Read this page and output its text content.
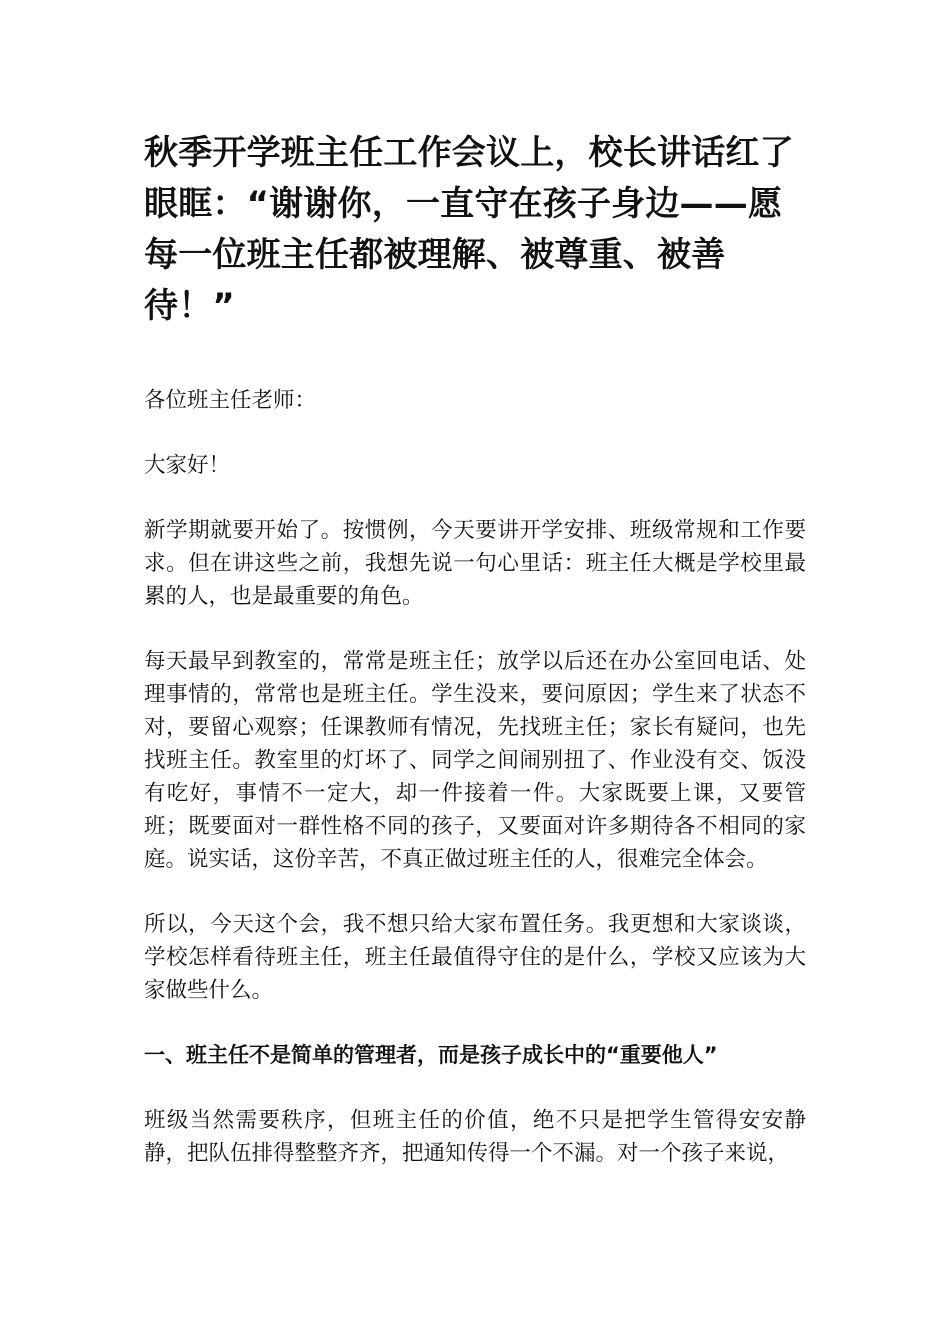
秋季开学班主任工作会议上，校长讲话红了眼眶：“谢谢你，一直守在孩子身边——愿每一位班主任都被理解、被尊重、被善待！”

各位班主任老师：

大家好！

新学期就要开始了。按惯例，今天要讲开学安排、班级常规和工作要求。但在讲这些之前，我想先说一句心里话：班主任大概是学校里最累的人，也是最重要的角色。

每天最早到教室的，常常是班主任；放学以后还在办公室回电话、处理事情的，常常也是班主任。学生没来，要问原因；学生来了状态不对，要留心观察；任课教师有情况，先找班主任；家长有疑问，也先找班主任。教室里的灯坏了、同学之间闹别扭了、作业没有交、饭没有吃好，事情不一定大，却一件接着一件。大家既要上课，又要管班；既要面对一群性格不同的孩子，又要面对许多期待各不相同的家庭。说实话，这份辛苦，不真正做过班主任的人，很难完全体会。

所以，今天这个会，我不想只给大家布置任务。我更想和大家谈谈，学校怎样看待班主任，班主任最值得守住的是什么，学校又应该为大家做些什么。

一、班主任不是简单的管理者，而是孩子成长中的“重要他人”

班级当然需要秩序，但班主任的价值，绝不只是把学生管得安安静静，把队伍排得整整齐齐，把通知传得一个不漏。对一个孩子来说，
